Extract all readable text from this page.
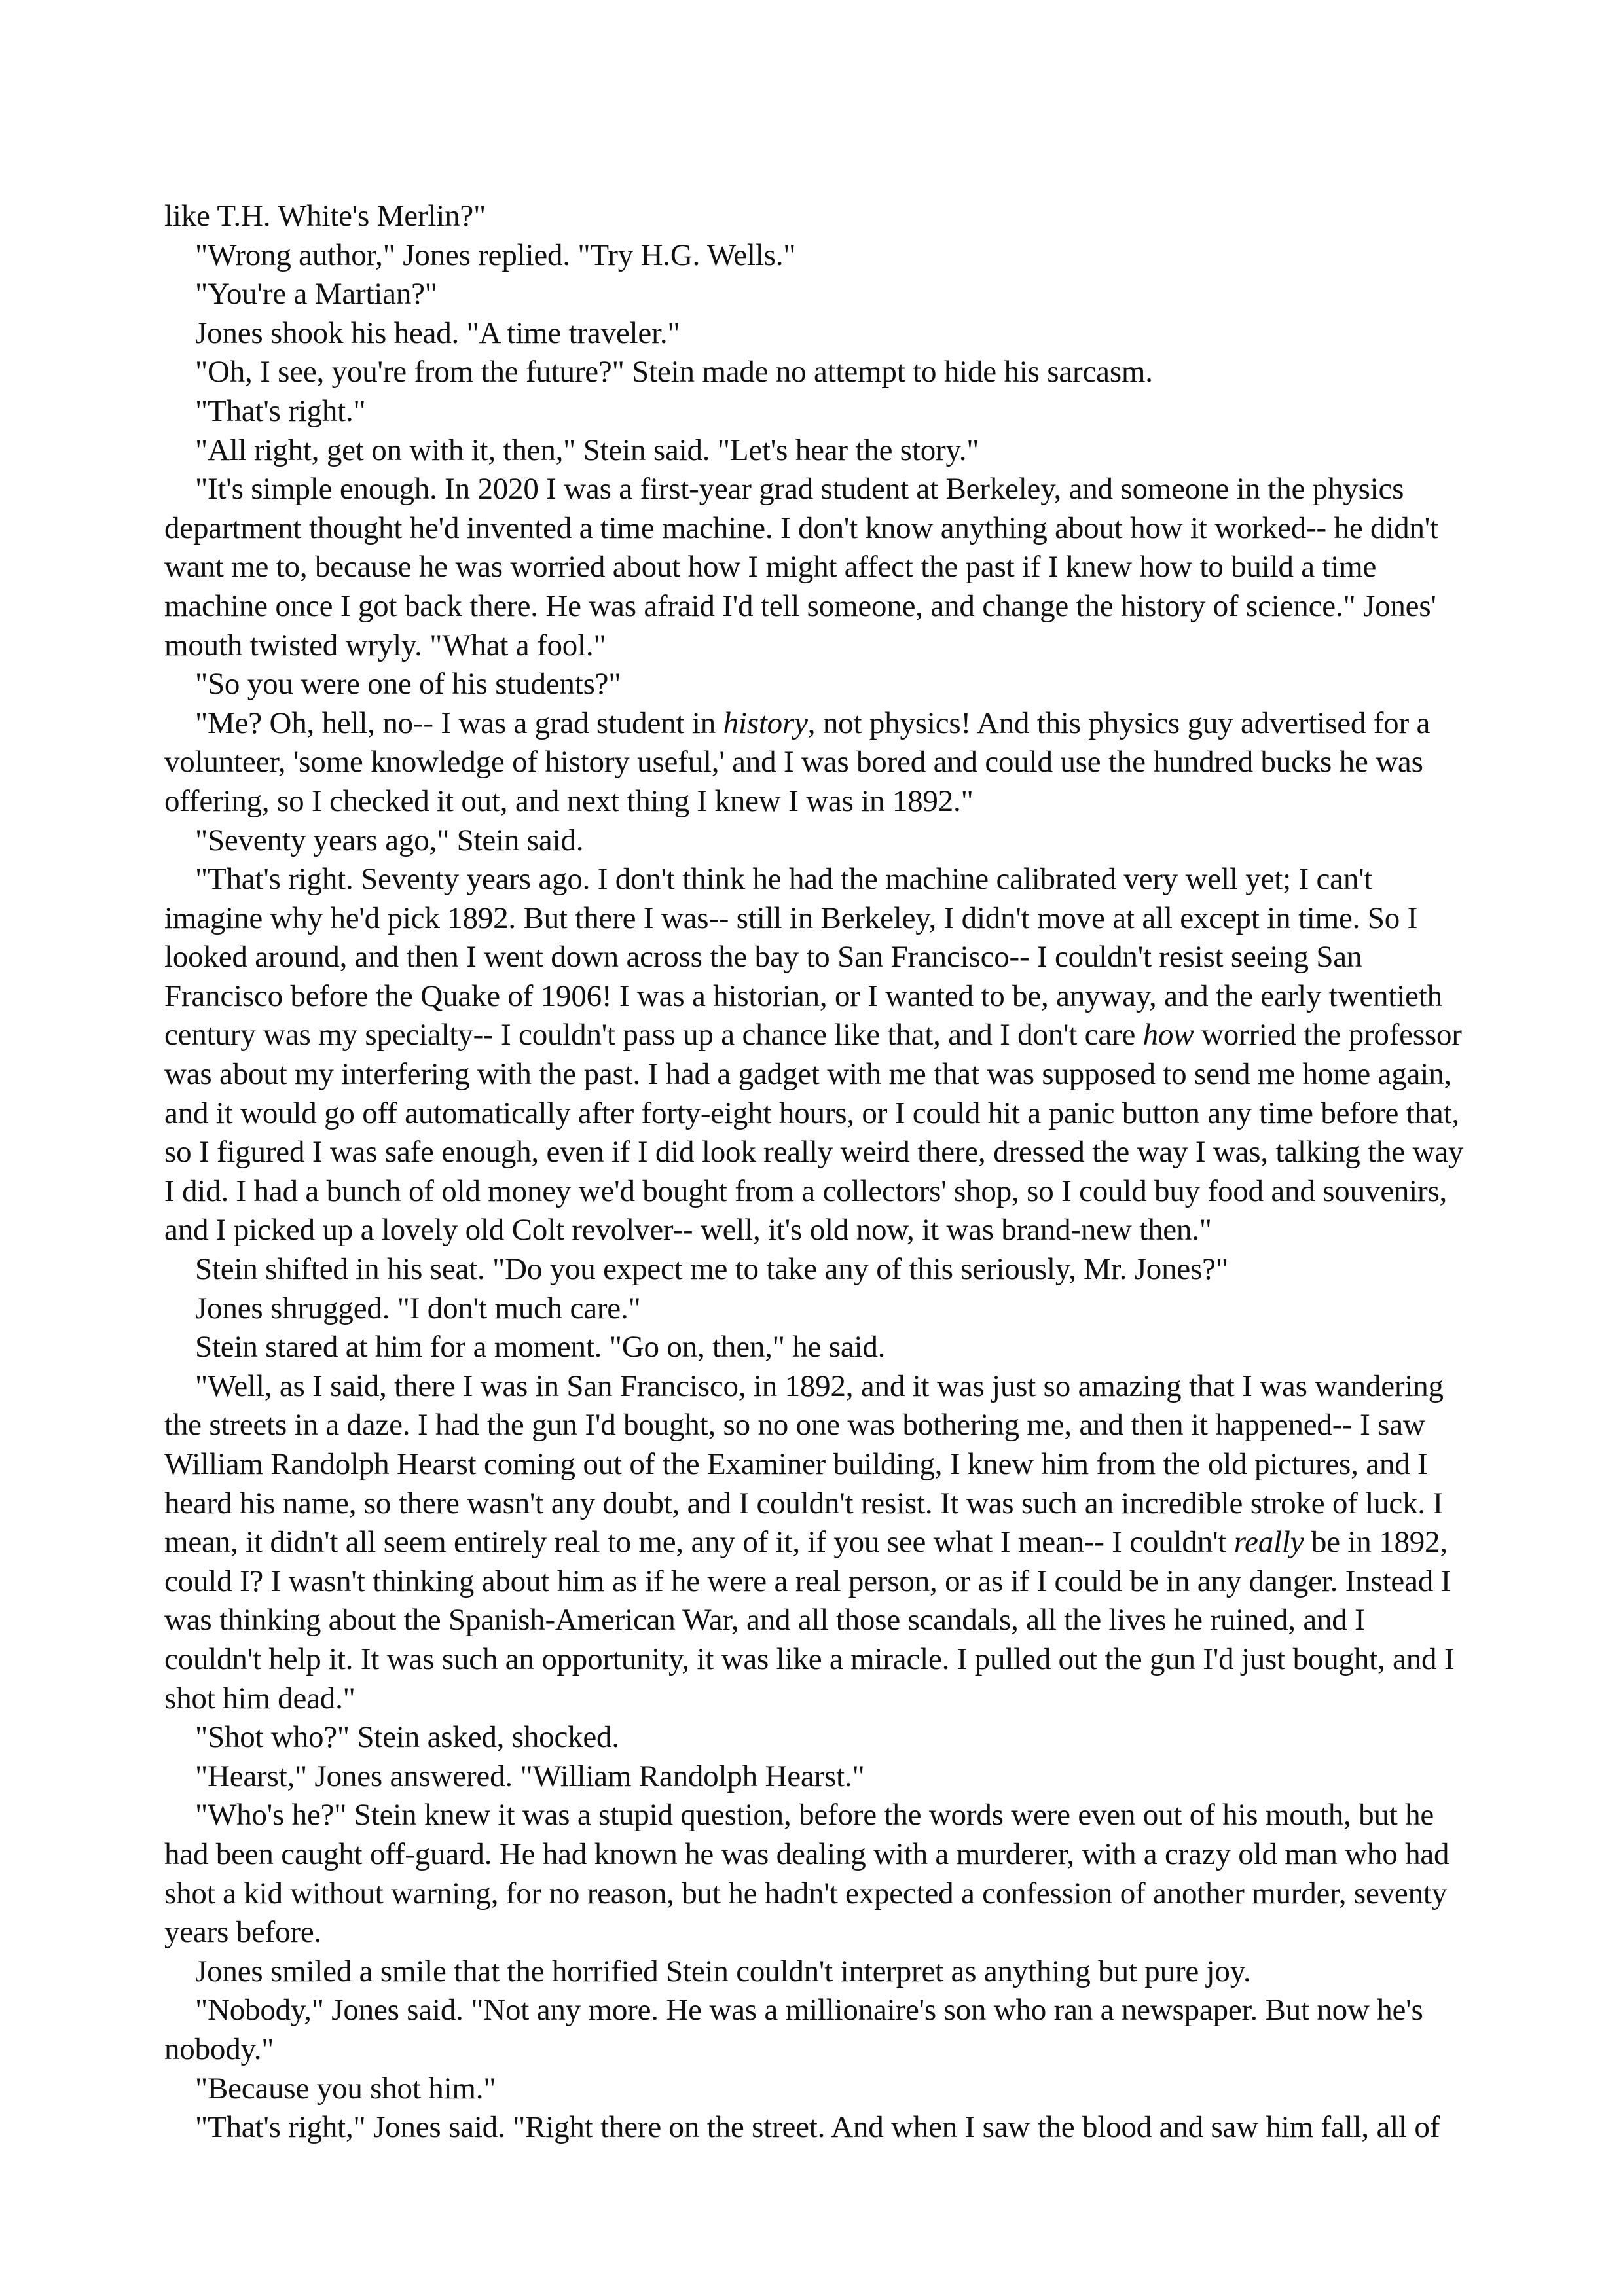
like T.H. White's Merlin?"

"Wrong author," Jones replied. "Try H.G. Wells."

"You're a Martian?"

Jones shook his head. "A time traveler."

"Oh, I see, you're from the future?" Stein made no attempt to hide his sarcasm.

"That's right."

"All right, get on with it, then," Stein said. "Let's hear the story."

"It's simple enough. In 2020 I was a first-year grad student at Berkeley, and someone in the physics department thought he'd invented a time machine. I don't know anything about how it worked-- he didn't want me to, because he was worried about how I might affect the past if I knew how to build a time machine once I got back there. He was afraid I'd tell someone, and change the history of science." Jones' mouth twisted wryly. "What a fool."

"So you were one of his students?"

"Me? Oh, hell, no-- I was a grad student in history, not physics! And this physics guy advertised for a volunteer, 'some knowledge of history useful,' and I was bored and could use the hundred bucks he was offering, so I checked it out, and next thing I knew I was in 1892."

"Seventy years ago," Stein said.

"That's right. Seventy years ago. I don't think he had the machine calibrated very well yet; I can't imagine why he'd pick 1892. But there I was-- still in Berkeley, I didn't move at all except in time. So I looked around, and then I went down across the bay to San Francisco-- I couldn't resist seeing San Francisco before the Quake of 1906! I was a historian, or I wanted to be, anyway, and the early twentieth century was my specialty-- I couldn't pass up a chance like that, and I don't care how worried the professor was about my interfering with the past. I had a gadget with me that was supposed to send me home again, and it would go off automatically after forty-eight hours, or I could hit a panic button any time before that, so I figured I was safe enough, even if I did look really weird there, dressed the way I was, talking the way I did. I had a bunch of old money we'd bought from a collectors' shop, so I could buy food and souvenirs, and I picked up a lovely old Colt revolver-- well, it's old now, it was brand-new then."

Stein shifted in his seat. "Do you expect me to take any of this seriously, Mr. Jones?"

Jones shrugged. "I don't much care."

Stein stared at him for a moment. "Go on, then," he said.

"Well, as I said, there I was in San Francisco, in 1892, and it was just so amazing that I was wandering the streets in a daze. I had the gun I'd bought, so no one was bothering me, and then it happened-- I saw William Randolph Hearst coming out of the Examiner building, I knew him from the old pictures, and I heard his name, so there wasn't any doubt, and I couldn't resist. It was such an incredible stroke of luck. I mean, it didn't all seem entirely real to me, any of it, if you see what I mean-- I couldn't really be in 1892, could I? I wasn't thinking about him as if he were a real person, or as if I could be in any danger. Instead I was thinking about the Spanish-American War, and all those scandals, all the lives he ruined, and I couldn't help it. It was such an opportunity, it was like a miracle. I pulled out the gun I'd just bought, and I shot him dead."

"Shot who?" Stein asked, shocked.

"Hearst," Jones answered. "William Randolph Hearst."

"Who's he?" Stein knew it was a stupid question, before the words were even out of his mouth, but he had been caught off-guard. He had known he was dealing with a murderer, with a crazy old man who had shot a kid without warning, for no reason, but he hadn't expected a confession of another murder, seventy years before.

Jones smiled a smile that the horrified Stein couldn't interpret as anything but pure joy.

"Nobody," Jones said. "Not any more. He was a millionaire's son who ran a newspaper. But now he's nobody."

"Because you shot him."

"That's right," Jones said. "Right there on the street. And when I saw the blood and saw him fall, all of
